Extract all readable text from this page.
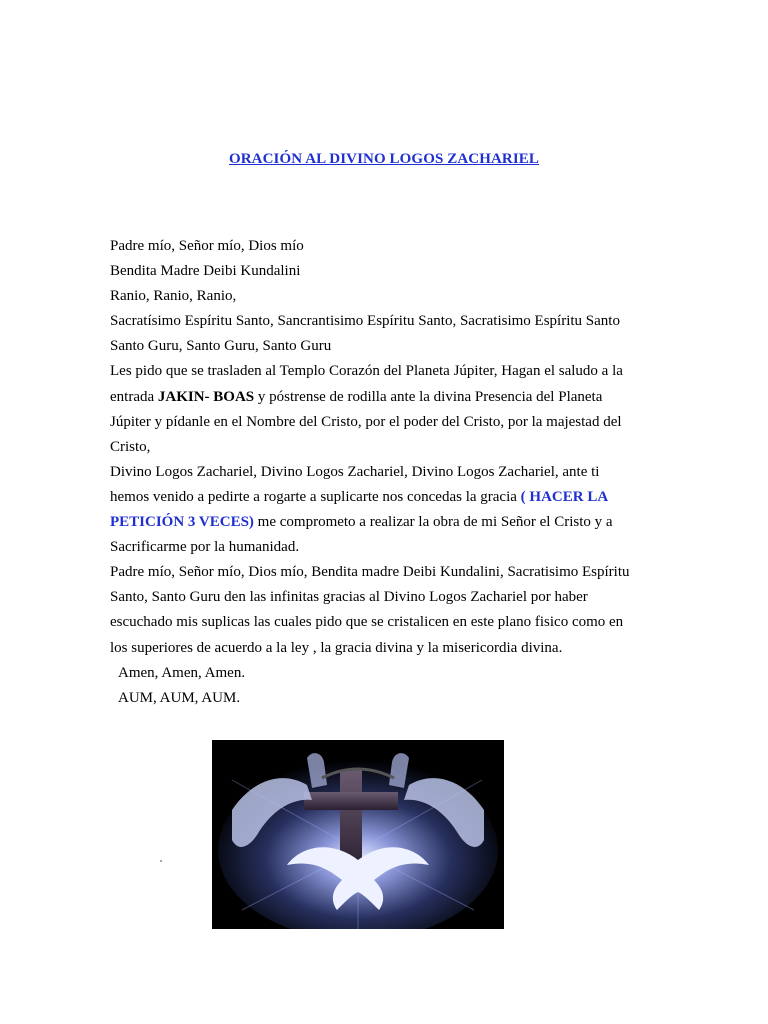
ORACIÓN AL DIVINO LOGOS ZACHARIEL

Padre mío, Señor mío, Dios mío

Bendita Madre Deibi Kundalini

Ranio, Ranio, Ranio,

Sacratísimo Espíritu Santo, Sancrantisimo Espíritu Santo, Sacratisimo Espíritu Santo

Santo Guru, Santo Guru, Santo Guru

Les pido que se trasladen al Templo Corazón del Planeta Júpiter, Hagan el saludo a la

entrada JAKIN- BOAS y póstrense de rodilla ante la divina Presencia del Planeta

Júpiter y pídanle en el Nombre del Cristo, por el poder del Cristo, por la majestad del

Cristo,

Divino Logos Zachariel, Divino Logos Zachariel, Divino Logos Zachariel, ante ti

hemos venido a pedirte a rogarte a suplicarte nos concedas la gracia ( HACER LA

PETICIÓN 3 VECES) me comprometo a realizar la obra de mi Señor el Cristo y a

Sacrificarme por la humanidad.

Padre mío, Señor mío, Dios mío, Bendita madre Deibi Kundalini, Sacratisimo Espíritu

Santo, Santo Guru den las infinitas gracias al Divino Logos Zachariel por haber

escuchado mis suplicas las cuales pido que se cristalicen en este plano fisico como en

los superiores de acuerdo a la ley , la gracia divina y la misericordia divina.

Amen, Amen, Amen.

AUM, AUM, AUM.
